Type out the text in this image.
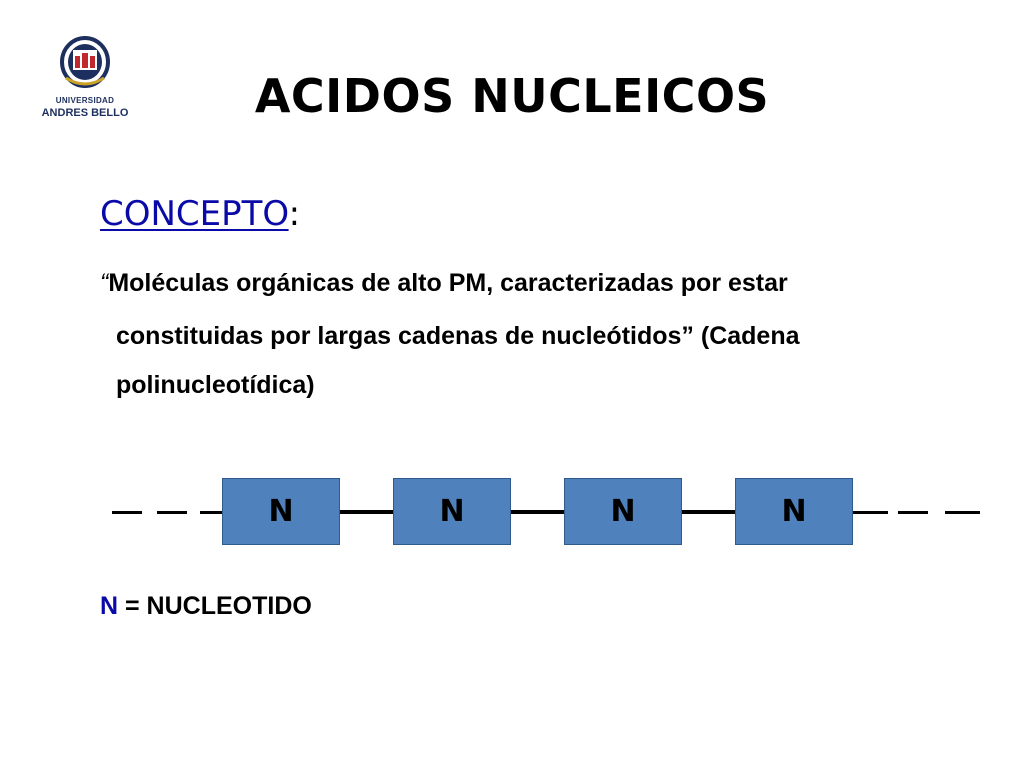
UNIVERSIDAD
ANDRES BELLO	ACIDOS NUCLEICOS
CONCEPTO:
“Moléculas orgánicas de alto PM, caracterizadas por estar
constituidas por largas cadenas de nucleótidos” (Cadena
polinucleotídica)
N	N	N	N
N = NUCLEOTIDO
